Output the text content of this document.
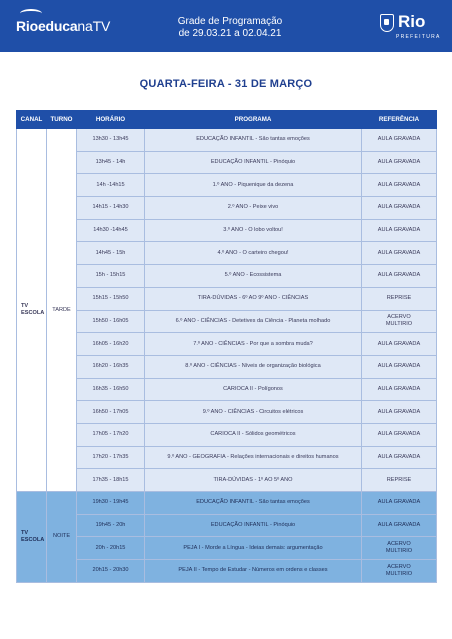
RioeducanaTV	Grade de Programação
de 29.03.21 a 02.04.21
Rio
PREFEITURA
QUARTA-FEIRA - 31 DE MARÇO
CANAL	TURNO	HORÁRIO	PROGRAMA	REFERÊNCIA

TV
ESCOLA	TARDE	13h30 - 13h45	EDUCAÇÃO INFANTIL - São tantas emoções	AULA GRAVADA

		13h45 - 14h	EDUCAÇÃO INFANTIL - Pinóquio	AULA GRAVADA

		14h -14h15	1.º ANO - Piquenique da dezena	AULA GRAVADA

		14h15 - 14h30	2.º ANO - Peixe vivo	AULA GRAVADA

		14h30 -14h45	3.º ANO - O lobo voltou!	AULA GRAVADA

		14h45 - 15h	4.º ANO - O carteiro chegou!	AULA GRAVADA

		15h - 15h15	5.º ANO - Ecossistema	AULA GRAVADA

		15h15 - 15h50	TIRA-DÚVIDAS - 6º AO 9º ANO - CIÊNCIAS	REPRISE

		15h50 - 16h05	6.º ANO - CIÊNCIAS - Detetives da Ciência - Planeta molhado	ACERVO
MULTIRIO

		16h05 - 16h20	7.º ANO - CIÊNCIAS - Por que a sombra muda?	AULA GRAVADA

		16h20 - 16h35	8.º ANO - CIÊNCIAS - Níveis de organização biológica	AULA GRAVADA

		16h35 - 16h50	CARIOCA II - Polígonos	AULA GRAVADA

		16h50 - 17h05	9.º ANO - CIÊNCIAS - Circuitos elétricos	AULA GRAVADA

		17h05 - 17h20	CARIOCA II - Sólidos geométricos	AULA GRAVADA

		17h20 - 17h35	9.º ANO - GEOGRAFIA - Relações internacionais e direitos humanos	AULA GRAVADA

		17h35 - 18h15	TIRA-DÚVIDAS - 1º AO 5º ANO	REPRISE

TV
ESCOLA	NOITE	19h30 - 19h45	EDUCAÇÃO INFANTIL - São tantas emoções	AULA GRAVADA

		19h45 - 20h	EDUCAÇÃO INFANTIL - Pinóquio	AULA GRAVADA

		20h - 20h15	PEJA I - Morde a Língua - Ideias demais: argumentação	ACERVO
MULTIRIO

		20h15 - 20h30	PEJA II - Tempo de Estudar - Números em ordens e classes	ACERVO
MULTIRIO
